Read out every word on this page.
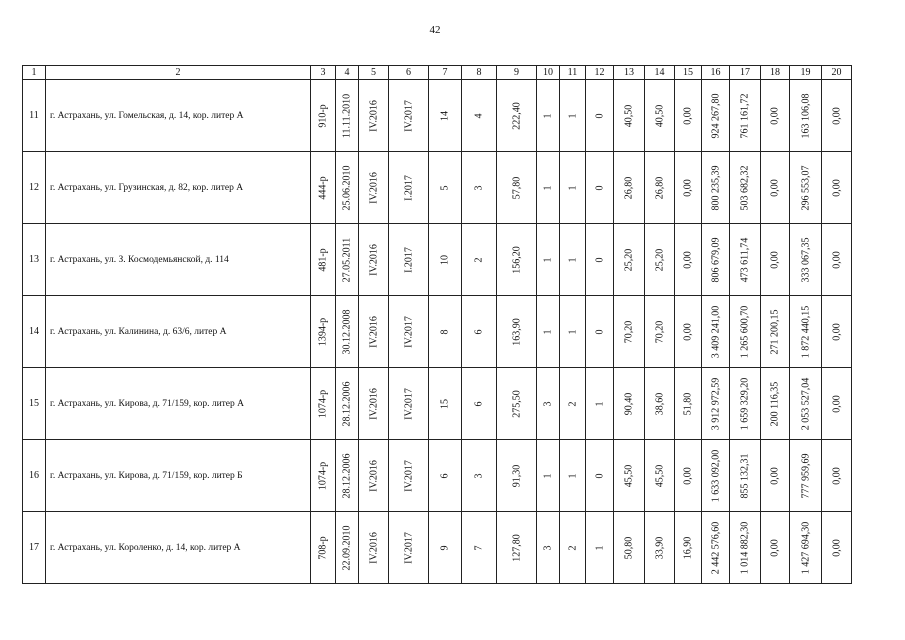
42
1	2	3	4	5	6	7	8	9	10	11	12	13	14	15	16	17	18	19	20
11	г. Астрахань, ул. Гомельская, д. 14, кор. литер А	910-р	11.11.2010	IV.2016	IV.2017	14	4	222,40	1	1	0	40,50	40,50	0,00	924 267,80	761 161,72	0,00	163 106,08	0,00

12	г. Астрахань, ул. Грузинская, д. 82, кор. литер А	444-р	25.06.2010	IV.2016	I.2017	5	3	57,80	1	1	0	26,80	26,80	0,00	800 235,39	503 682,32	0,00	296 553,07	0,00

13	г. Астрахань, ул. З. Космодемьянской, д. 114	481-р	27.05.2011	IV.2016	I.2017	10	2	156,20	1	1	0	25,20	25,20	0,00	806 679,09	473 611,74	0,00	333 067,35	0,00

14	г. Астрахань, ул. Калинина, д. 63/6, литер А	1394-р	30.12.2008	IV.2016	IV.2017	8	6	163,90	1	1	0	70,20	70,20	0,00	3 409 241,00	1 265 600,70	271 200,15	1 872 440,15	0,00

15	г. Астрахань, ул. Кирова, д. 71/159, кор. литер А	1074-р	28.12.2006	IV.2016	IV.2017	15	6	275,50	3	2	1	90,40	38,60	51,80	3 912 972,59	1 659 329,20	200 116,35	2 053 527,04	0,00

16	г. Астрахань, ул. Кирова, д. 71/159, кор. литер Б	1074-р	28.12.2006	IV.2016	IV.2017	6	3	91,30	1	1	0	45,50	45,50	0,00	1 633 092,00	855 132,31	0,00	777 959,69	0,00

17	г. Астрахань, ул. Короленко, д. 14, кор. литер А	708-р	22.09.2010	IV.2016	IV.2017	9	7	127,80	3	2	1	50,80	33,90	16,90	2 442 576,60	1 014 882,30	0,00	1 427 694,30	0,00
